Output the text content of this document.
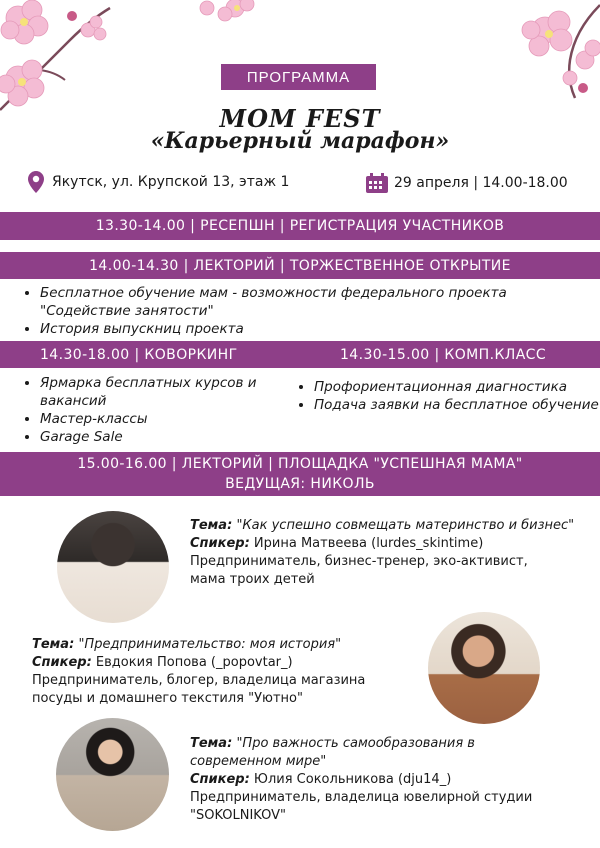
ПРОГРАММА
MOM FEST
«Карьерный марафон»
Якутск, ул. Крупской 13, этаж 1	29 апреля | 14.00-18.00
13.30-14.00 | РЕСЕПШН | РЕГИСТРАЦИЯ УЧАСТНИКОВ
14.00-14.30 | ЛЕКТОРИЙ | ТОРЖЕСТВЕННОЕ ОТКРЫТИЕ
• Бесплатное обучение мам - возможности федерального проекта "Содействие занятости"
• История выпускниц проекта
14.30-18.00 | КОВОРКИНГ	14.30-15.00 | КОМП.КЛАСС
• Ярмарка бесплатных курсов и вакансий
• Мастер-классы
• Garage Sale
• Профориентационная диагностика
• Подача заявки на бесплатное обучение
15.00-16.00 | ЛЕКТОРИЙ | ПЛОЩАДКА "УСПЕШНАЯ МАМА"
ВЕДУЩАЯ: НИКОЛЬ
Тема: "Как успешно совмещать материнство и бизнес"
Спикер: Ирина Матвеева (lurdes_skintime)
Предприниматель, бизнес-тренер, эко-активист, мама троих детей
Тема: "Предпринимательство: моя история"
Спикер: Евдокия Попова (_popovtar_)
Предприниматель, блогер, владелица магазина посуды и домашнего текстиля "Уютно"
Тема: "Про важность самообразования в современном мире"
Спикер: Юлия Сокольникова (dju14_)
Предприниматель, владелица ювелирной студии "SOKOLNIKOV"
